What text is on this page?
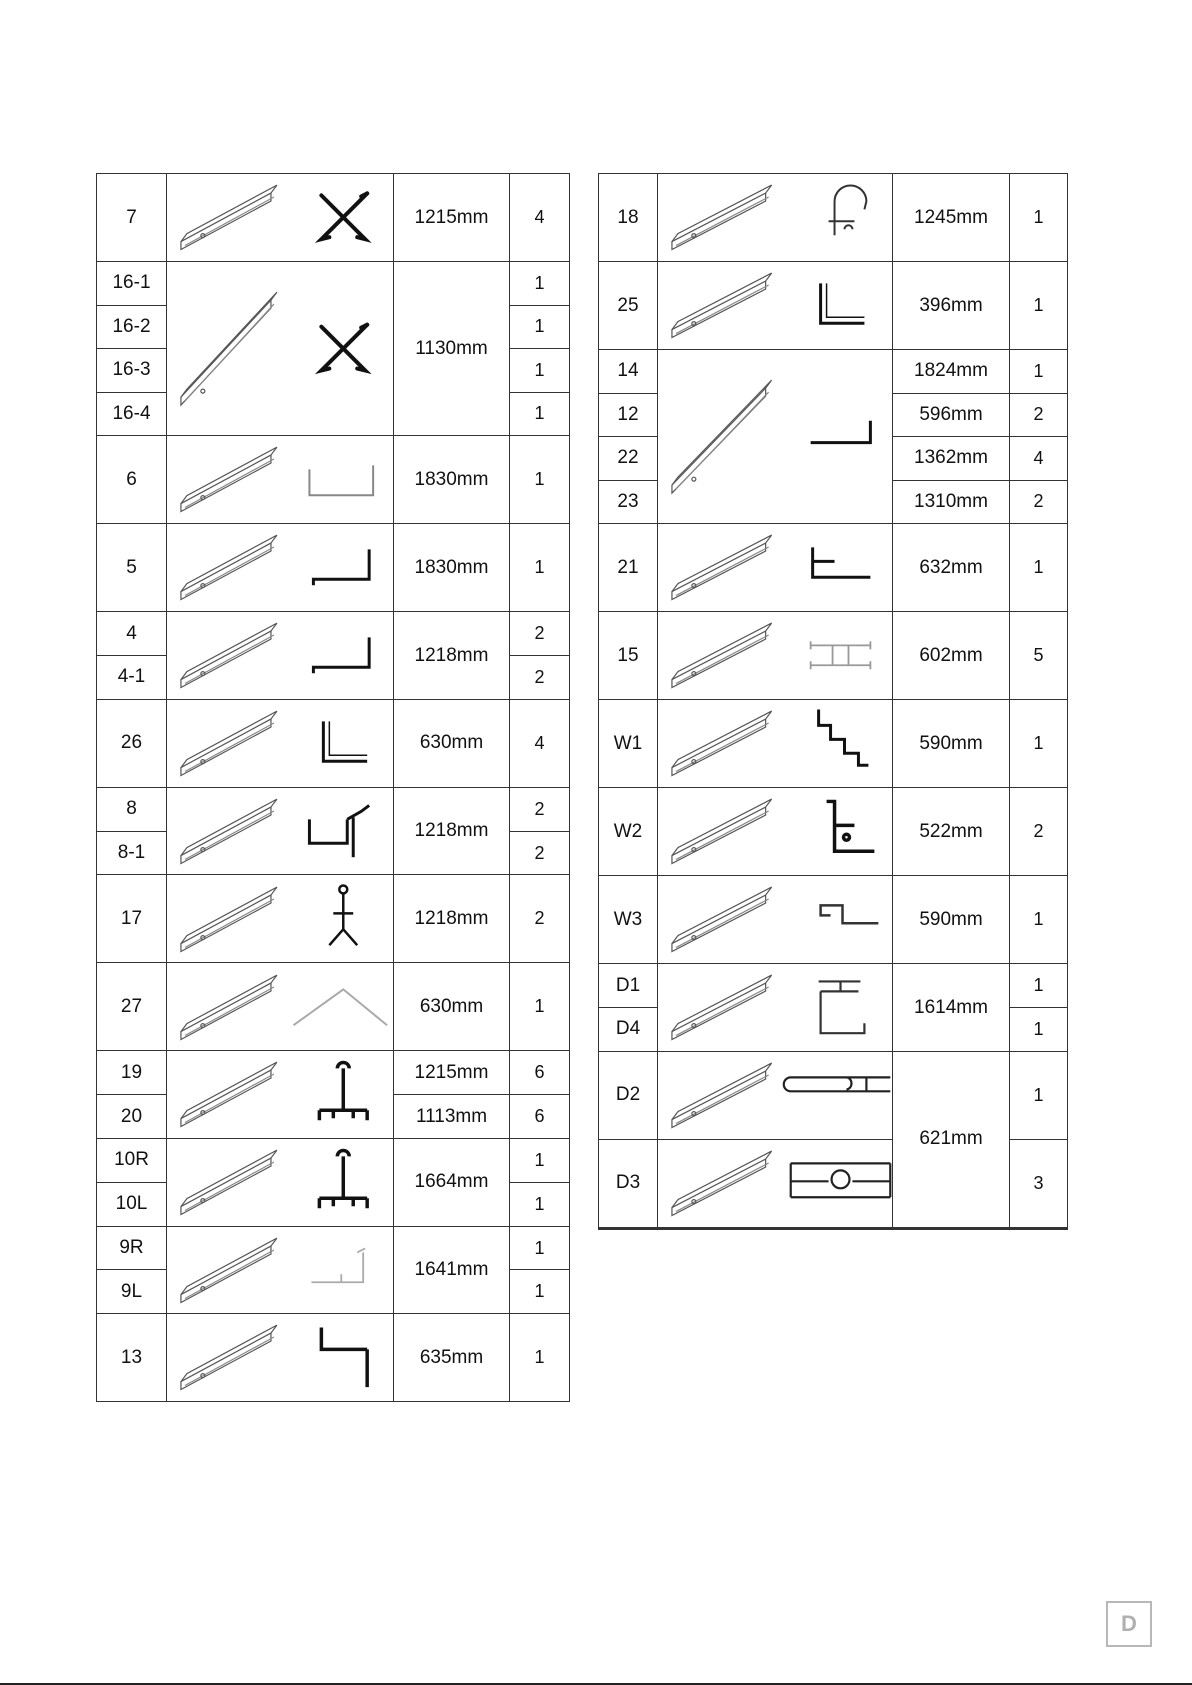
7		1215mm	4
16-1		1130mm	1
16-2			1
16-3			1
16-4			1
6		1830mm	1
5		1830mm	1
4		1218mm	2
4-1			2
26		630mm	4
8		1218mm	2
8-1			2
17		1218mm	2
27		630mm	1
19		1215mm	6
20		1113mm	6
10R		1664mm	1
10L			1
9R		1641mm	1
9L			1
13		635mm	1
18		1245mm	1
25		396mm	1
14		1824mm	1
12		596mm	2
22		1362mm	4
23		1310mm	2
21		632mm	1
15		602mm	5
W1		590mm	1
W2		522mm	2
W3		590mm	1
D1		1614mm	1
D4			1
D2		621mm	1
D3			3
D
